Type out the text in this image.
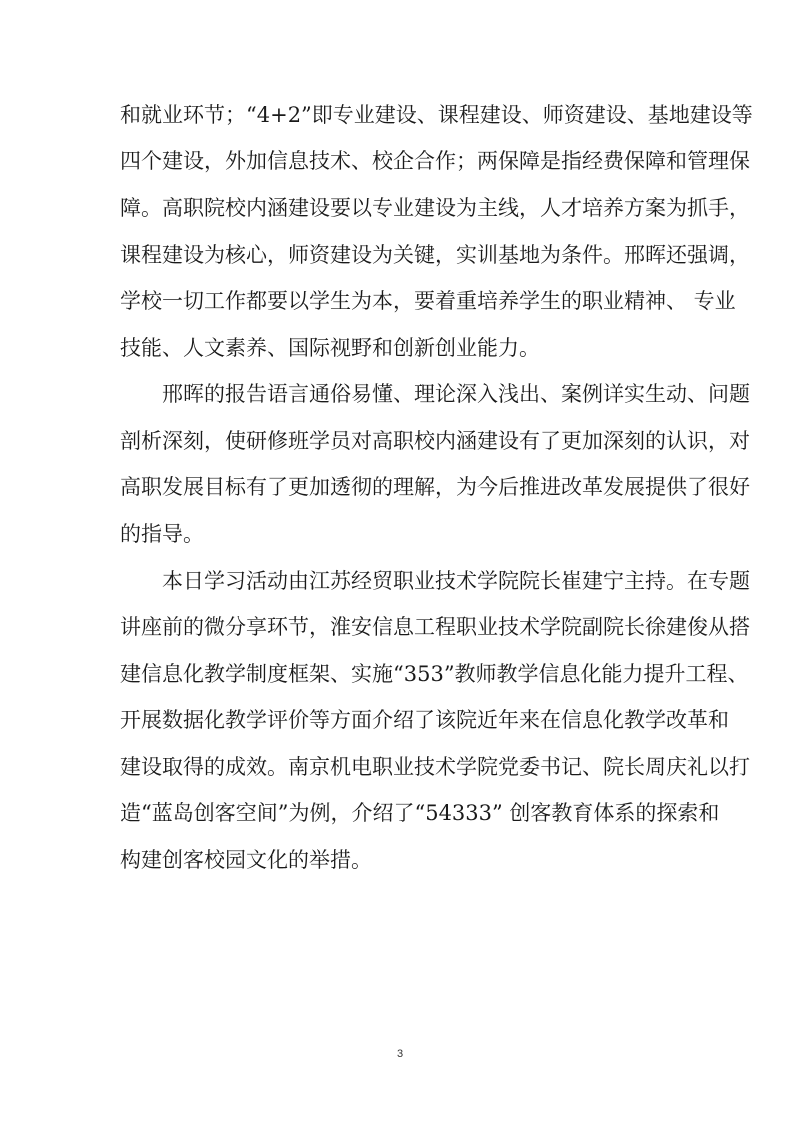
和就业环节；“4+2”即专业建设、课程建设、师资建设、基地建设等

四个建设，外加信息技术、校企合作；两保障是指经费保障和管理保

障。高职院校内涵建设要以专业建设为主线，人才培养方案为抓手，

课程建设为核心，师资建设为关键，实训基地为条件。邢晖还强调，

学校一切工作都要以学生为本，要着重培养学生的职业精神、 专业

技能、人文素养、国际视野和创新创业能力。

邢晖的报告语言通俗易懂、理论深入浅出、案例详实生动、问题

剖析深刻，使研修班学员对高职校内涵建设有了更加深刻的认识，对

高职发展目标有了更加透彻的理解，为今后推进改革发展提供了很好

的指导。

本日学习活动由江苏经贸职业技术学院院长崔建宁主持。在专题

讲座前的微分享环节，淮安信息工程职业技术学院副院长徐建俊从搭

建信息化教学制度框架、实施“353”教师教学信息化能力提升工程、

开展数据化教学评价等方面介绍了该院近年来在信息化教学改革和

建设取得的成效。南京机电职业技术学院党委书记、院长周庆礼以打

造“蓝岛创客空间”为例，介绍了“54333” 创客教育体系的探索和

构建创客校园文化的举措。

3
